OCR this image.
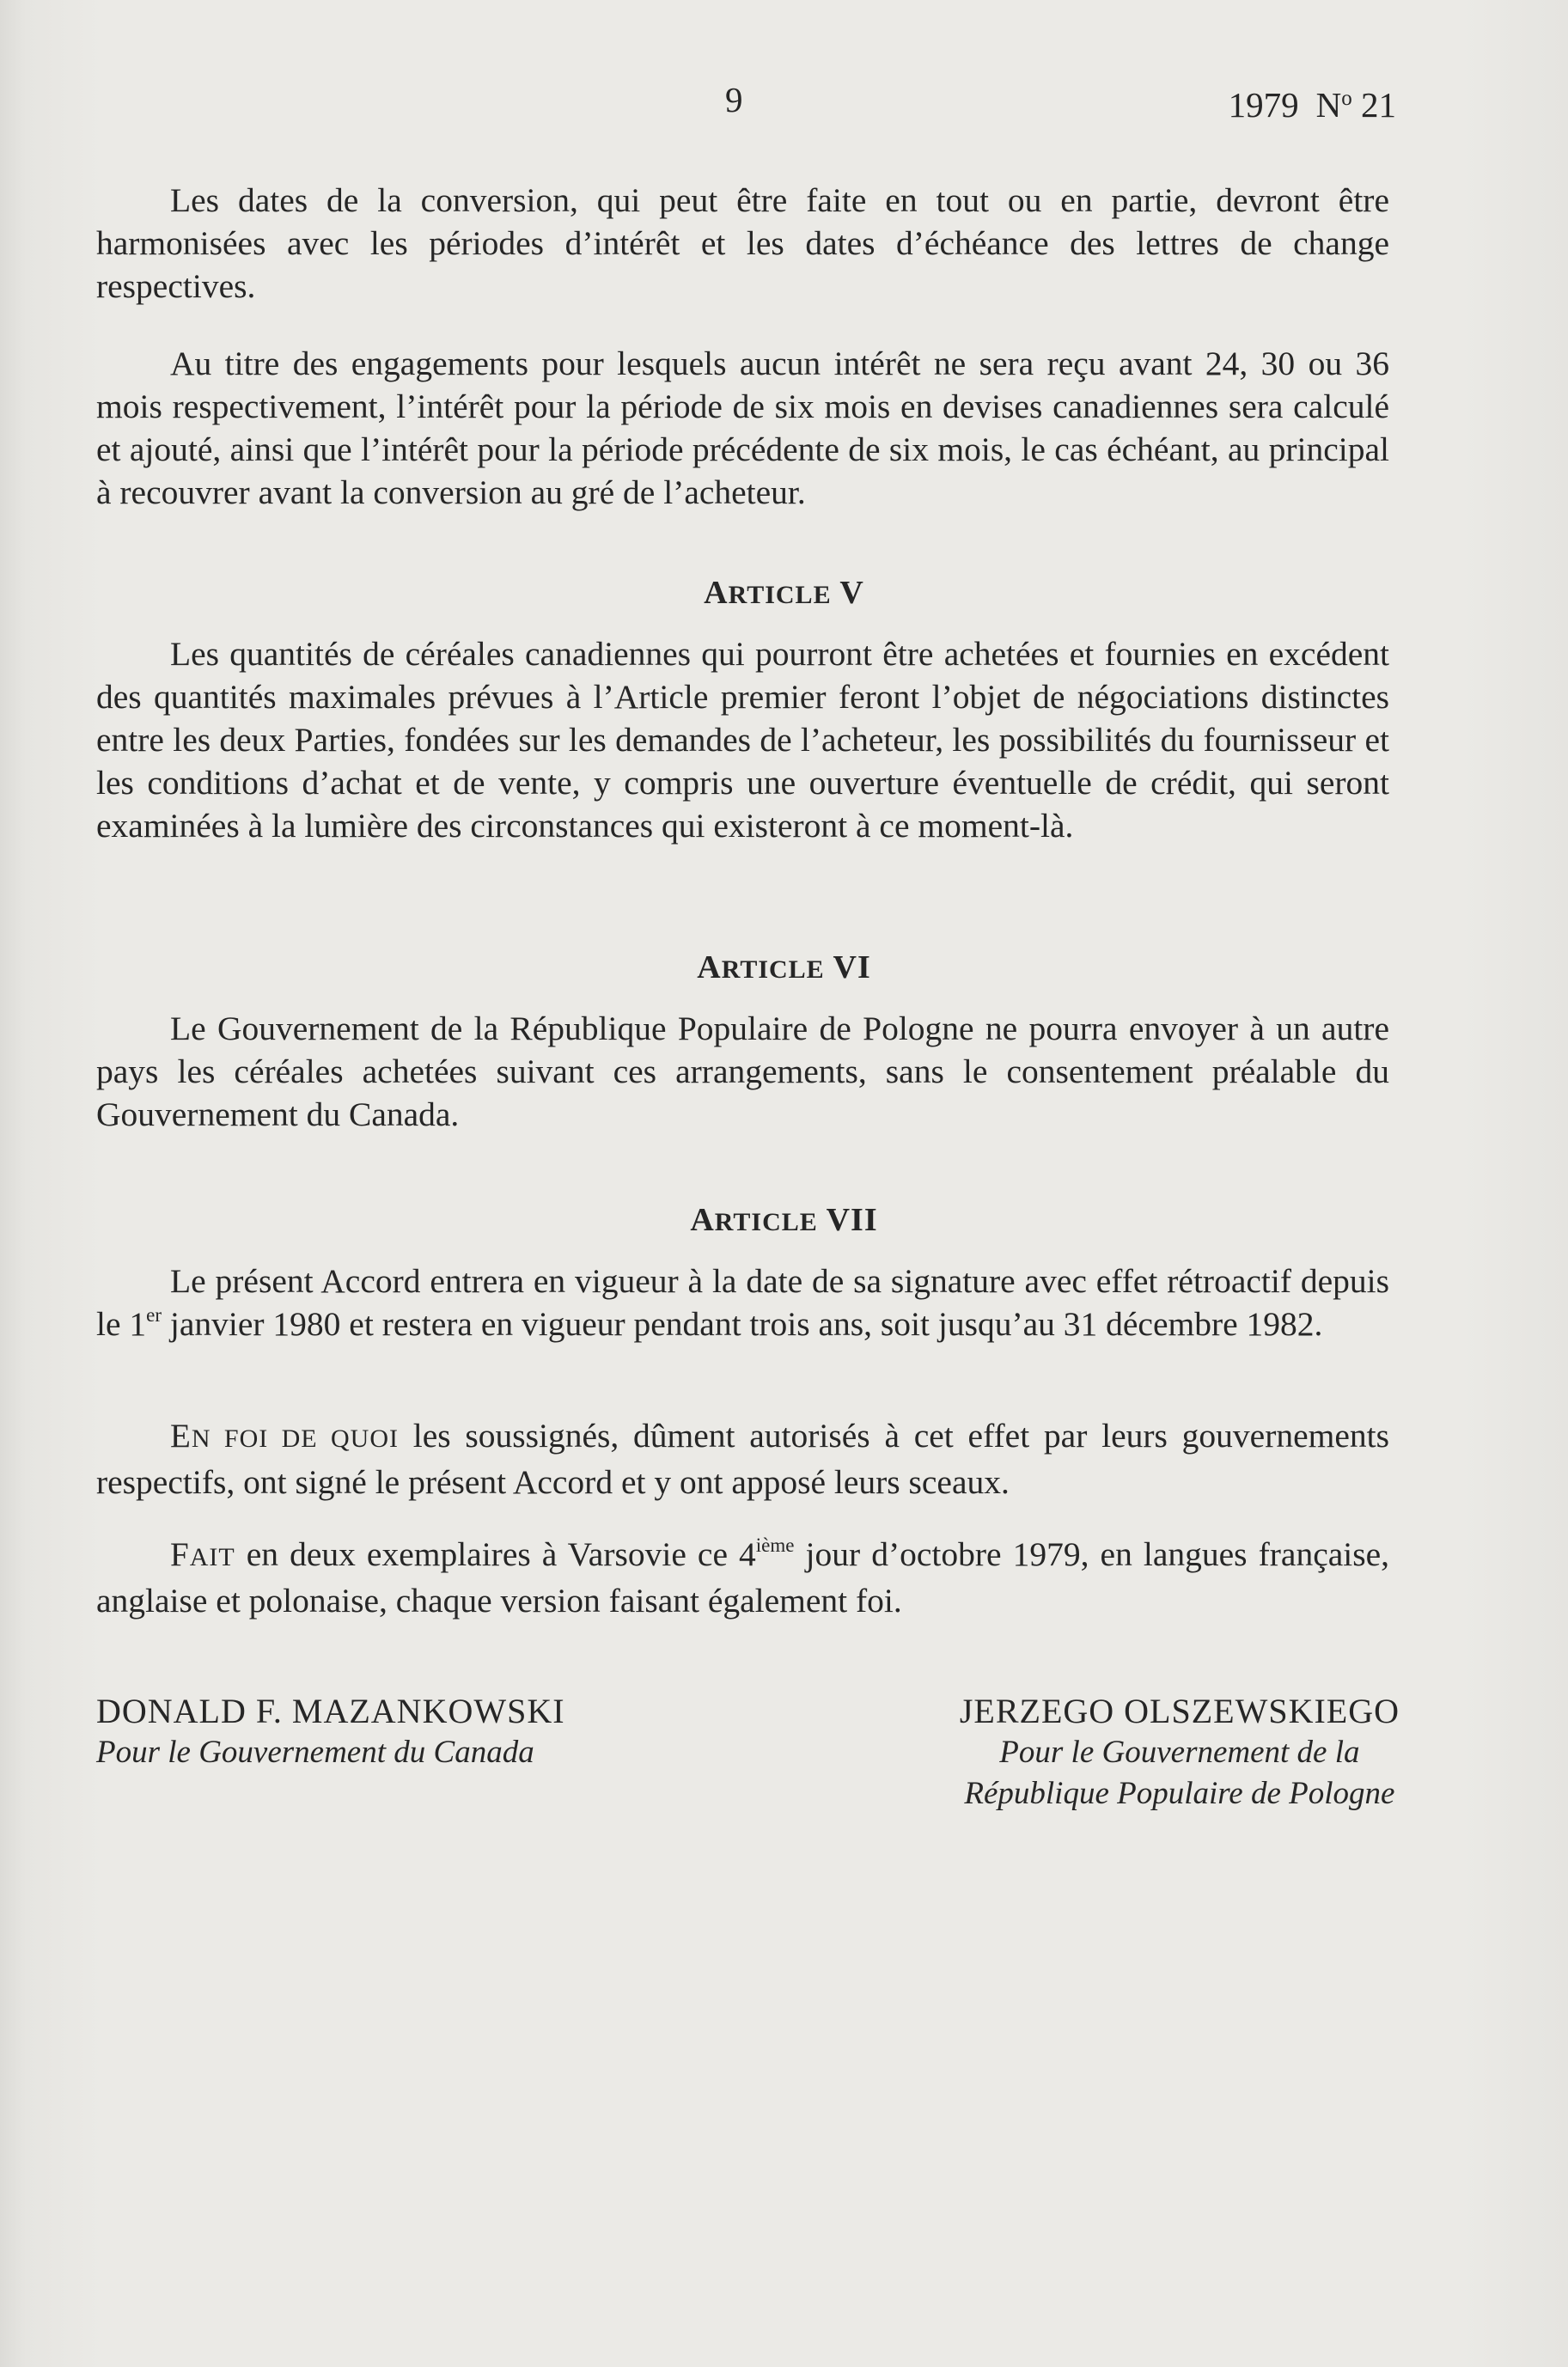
9	1979 $N^o$ 21

Les dates de la conversion, qui peut être faite en tout ou en partie, devront être harmonisées avec les périodes d’intérêt et les dates d’échéance des lettres de change respectives.

Au titre des engagements pour lesquels aucun intérêt ne sera reçu avant 24, 30 ou 36 mois respectivement, l’intérêt pour la période de six mois en devises canadiennes sera calculé et ajouté, ainsi que l’intérêt pour la période précédente de six mois, le cas échéant, au principal à recouvrer avant la conversion au gré de l’acheteur.

ARTICLE V

Les quantités de céréales canadiennes qui pourront être achetées et fournies en excédent des quantités maximales prévues à l’Article premier feront l’objet de négociations distinctes entre les deux Parties, fondées sur les demandes de l’acheteur, les possibilités du fournisseur et les conditions d’achat et de vente, y compris une ouverture éventuelle de crédit, qui seront examinées à la lumière des circonstances qui existeront à ce moment-là.

ARTICLE VI

Le Gouvernement de la République Populaire de Pologne ne pourra envoyer à un autre pays les céréales achetées suivant ces arrangements, sans le consentement préalable du Gouvernement du Canada.

ARTICLE VII

Le présent Accord entrera en vigueur à la date de sa signature avec effet rétroactif depuis le 1er janvier 1980 et restera en vigueur pendant trois ans, soit jusqu’au 31 décembre 1982.

EN FOI DE QUOI les soussignés, dûment autorisés à cet effet par leurs gouvernements respectifs, ont signé le présent Accord et y ont apposé leurs sceaux.

FAIT en deux exemplaires à Varsovie ce 4ième jour d’octobre 1979, en langues française, anglaise et polonaise, chaque version faisant également foi.

DONALD F. MAZANKOWSKI
Pour le Gouvernement du Canada
JERZEGO OLSZEWSKIEGO
Pour le Gouvernement de la
République Populaire de Pologne
